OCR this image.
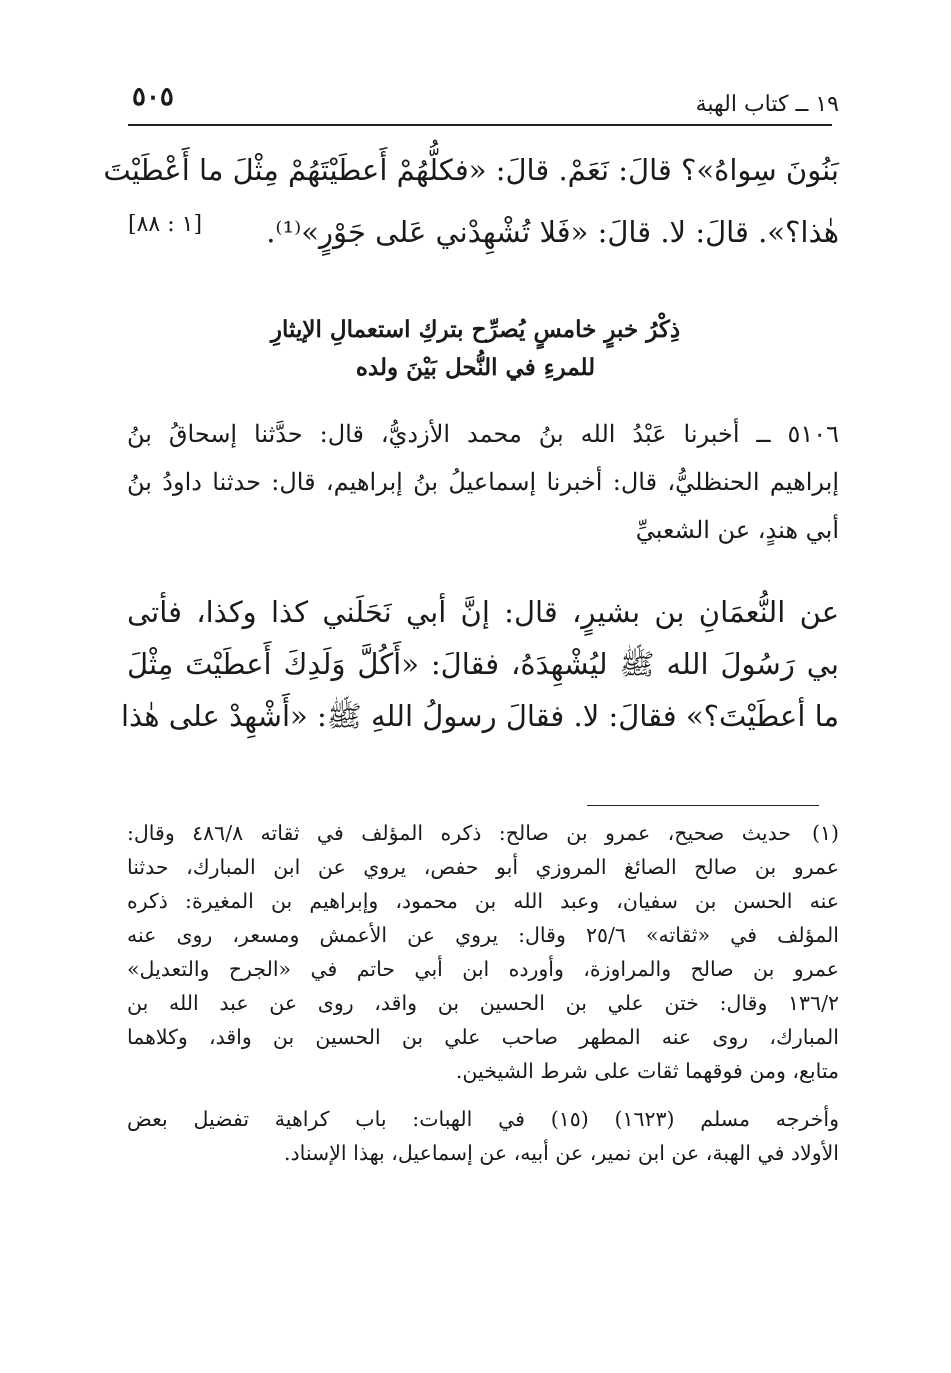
١٩ ــ كتاب الهبة
٥٠٥
بَنُونَ سِواهُ»؟ قالَ: نَعَمْ. قالَ: «فكلُّهُمْ أَعطَيْتَهُمْ مِثْلَ ما أَعْطَيْتَ
هٰذا؟». قالَ: لا. قالَ: «فَلا تُشْهِدْني عَلى جَوْرٍ»⁽¹⁾.
[١ : ٨٨]
ذِكْرُ خبرٍ خامسٍ يُصرِّح بتركِ استعمالِ الإيثارِ
للمرءِ في النُّحل بَيْنَ ولده
٥١٠٦ ــ أخبرنا عَبْدُ الله بنُ محمد الأزديُّ، قال: حدَّثنا إسحاقُ بنُ
إبراهيم الحنظليُّ، قال: أخبرنا إسماعيلُ بنُ إبراهيم، قال: حدثنا داودُ بنُ
أبي هندٍ، عن الشعبيِّ
عن النُّعمَانِ بن بشيرٍ، قال: إنَّ أبي نَحَلَني كذا وكذا، فأتى
بي رَسُولَ الله ﷺ ليُشْهِدَهُ، فقالَ: «أَكُلَّ وَلَدِكَ أَعطَيْتَ مِثْلَ
ما أعطَيْتَ؟» فقالَ: لا. فقالَ رسولُ اللهِ ﷺ: «أَشْهِدْ على هٰذا
(١)حديث صحيح، عمرو بن صالح: ذكره المؤلف في ثقاته ٤٨٦/٨ وقال:
عمرو بن صالح الصائغ المروزي أبو حفص، يروي عن ابن المبارك، حدثنا
عنه الحسن بن سفيان، وعبد الله بن محمود، وإبراهيم بن المغيرة: ذكره
المؤلف في «ثقاته» ٢٥/٦ وقال: يروي عن الأعمش ومسعر، روى عنه
عمرو بن صالح والمراوزة، وأورده ابن أبي حاتم في «الجرح والتعديل»
١٣٦/٢ وقال: ختن علي بن الحسين بن واقد، روى عن عبد الله بن
المبارك، روى عنه المطهر صاحب علي بن الحسين بن واقد، وكلاهما
متابع، ومن فوقهما ثقات على شرط الشيخين.
وأخرجه مسلم (١٦٢٣) (١٥) في الهبات: باب كراهية تفضيل بعض
الأولاد في الهبة، عن ابن نمير، عن أبيه، عن إسماعيل، بهذا الإسناد.
